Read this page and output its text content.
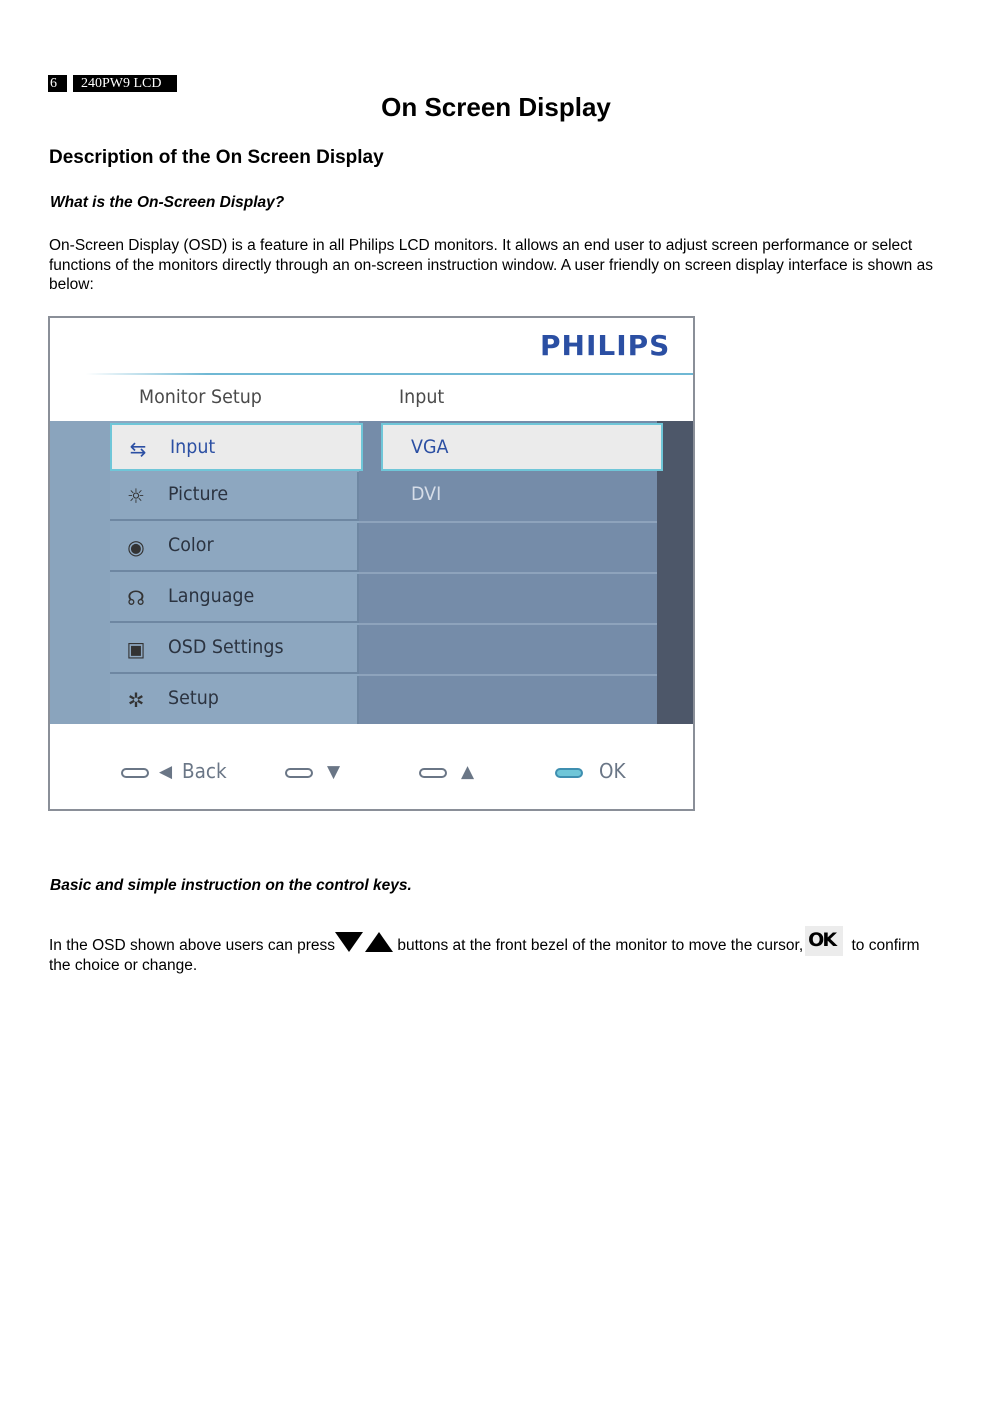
6	240PW9 LCD
On Screen Display
Description of the On Screen Display
What is the On-Screen Display?
On-Screen Display (OSD) is a feature in all Philips LCD monitors. It allows an end user to adjust screen performance or select functions of the monitors directly through an on-screen instruction window. A user friendly on screen display interface is shown as below:
PHILIPS
Monitor Setup	Input
⇆ Input
☼ Picture
◉ Color
☊ Language
▣ OSD Settings
✲ Setup
VGA
DVI
◀ Back	▼	▲	OK
Basic and simple instruction on the control keys.
In the OSD shown above users can press	buttons at the front bezel of the monitor to move the cursor, OK to confirm the choice or change.
